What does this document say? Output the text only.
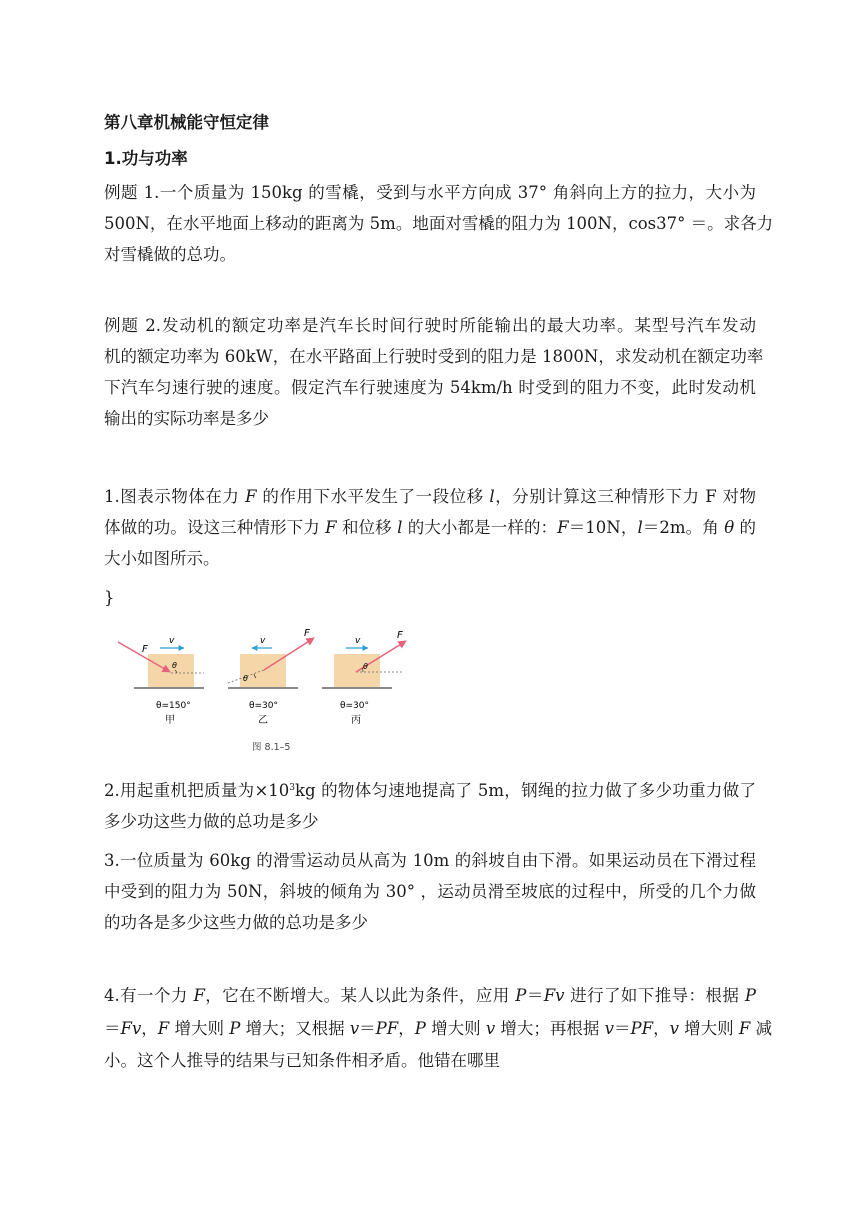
第八章机械能守恒定律

1.功与功率

例题 1.一个质量为 150kg 的雪橇，受到与水平方向成 37° 角斜向上方的拉力，大小为

500N，在水平地面上移动的距离为 5m。地面对雪橇的阻力为 100N，cos37° ＝。求各力

对雪橇做的总功。

例题 2.发动机的额定功率是汽车长时间行驶时所能输出的最大功率。某型号汽车发动

机的额定功率为 60kW，在水平路面上行驶时受到的阻力是 1800N，求发动机在额定功率

下汽车匀速行驶的速度。假定汽车行驶速度为 54km/h 时受到的阻力不变，此时发动机

输出的实际功率是多少

1.图表示物体在力 F 的作用下水平发生了一段位移 l，分别计算这三种情形下力 F 对物

体做的功。设这三种情形下力 F 和位移 l 的大小都是一样的：F＝10N，l＝2m。角 θ 的

大小如图所示。

}

F
v
θ
θ=150°
甲
F
v
θ
θ=30°
乙
F
v
θ
θ=30°
丙
图 8.1–5

2.用起重机把质量为$\times 10^3kg$ 的物体匀速地提高了 5m，钢绳的拉力做了多少功重力做了

多少功这些力做的总功是多少

3.一位质量为 60kg 的滑雪运动员从高为 10m 的斜坡自由下滑。如果运动员在下滑过程

中受到的阻力为 50N，斜坡的倾角为 30° ，运动员滑至坡底的过程中，所受的几个力做

的功各是多少这些力做的总功是多少

4.有一个力 F，它在不断增大。某人以此为条件，应用 P＝Fv 进行了如下推导：根据 P

＝Fv，F 增大则 P 增大；又根据 v＝PF，P 增大则 v 增大；再根据 v＝PF，v 增大则 F 减

小。这个人推导的结果与已知条件相矛盾。他错在哪里
